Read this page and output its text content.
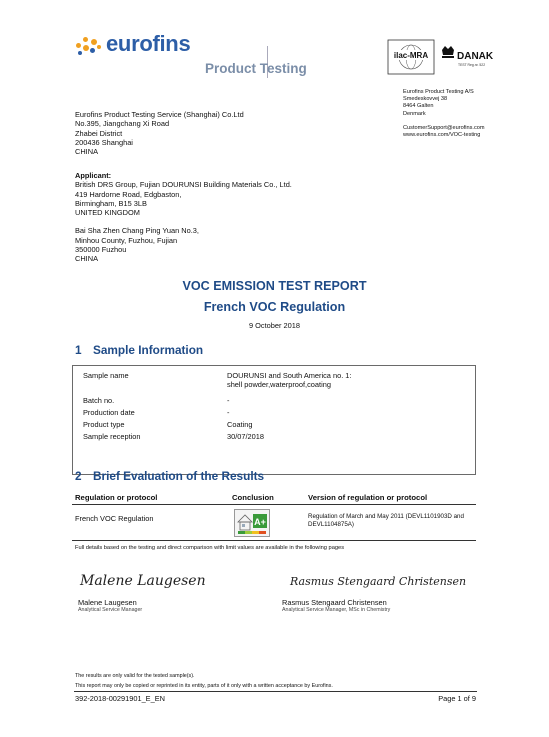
eurofins
Product Testing
ilac-MRA	DANAK
TEST Reg.nr. 522
Eurofins Product Testing Service (Shanghai) Co.Ltd
No.395, Jiangchang Xi Road
Zhabei District
200436 Shanghai
CHINA
Eurofins Product Testing A/S
Smedeskovvej 38
8464 Galten
Denmark
CustomerSupport@eurofins.com
www.eurofins.com/VOC-testing
Applicant:
British DRS Group, Fujian DOURUNSI Building Materials Co., Ltd.
419 Hardorne Road, Edgbaston,
Birmingham, B15 3LB
UNITED KINGDOM
Bai Sha Zhen Chang Ping Yuan No.3,
Minhou County, Fuzhou, Fujian
350000 Fuzhou
CHINA
VOC EMISSION TEST REPORT
French VOC Regulation
9 October 2018
1 Sample Information
Sample name	DOURUNSI and South America no. 1:
shell powder,waterproof,coating
Batch no.	-
Production date	-
Product type	Coating
Sample reception	30/07/2018
2 Brief Evaluation of the Results
Regulation or protocol	Conclusion	Version of regulation or protocol
French VOC Regulation	A+
Regulation of March and May 2011 (DEVL1101903D and
DEVL1104875A)
Full details based on the testing and direct comparison with limit values are available in the following pages
Malene Laugesen
Malene Laugesen
Analytical Service Manager
Rasmus Stengaard Christensen
Rasmus Stengaard Christensen
Analytical Service Manager, MSc in Chemistry
The results are only valid for the tested sample(s).
This report may only be copied or reprinted in its entity, parts of it only with a written acceptance by Eurofins.
392-2018-00291901_E_EN	Page 1 of 9
